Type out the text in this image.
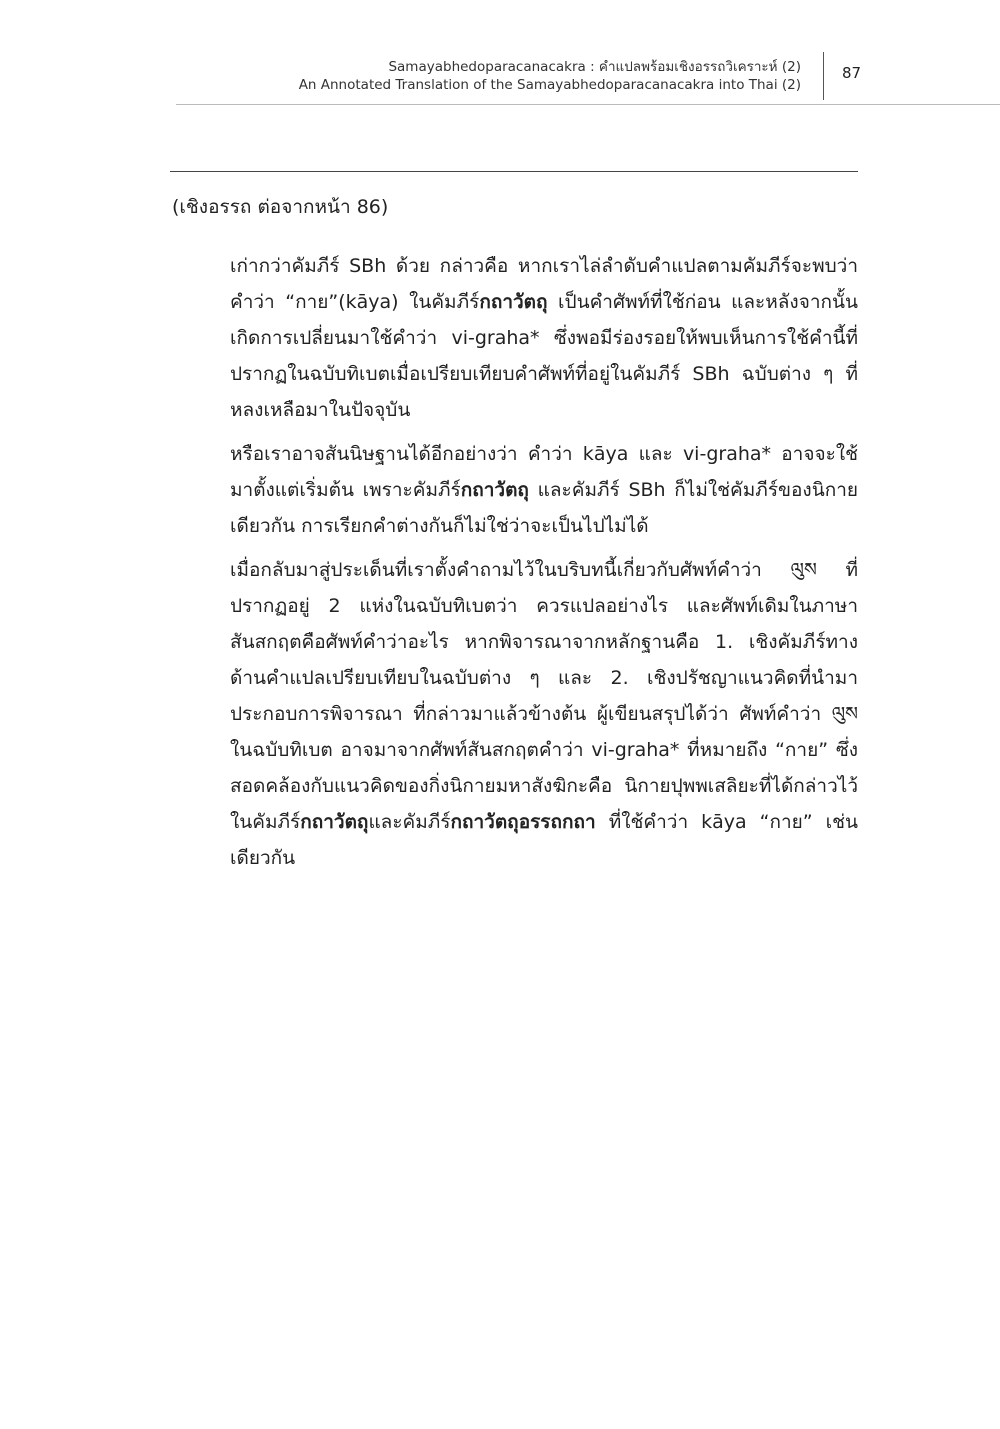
Samayabhedoparacanacakra : คำแปลพร้อมเชิงอรรถวิเคราะห์ (2)
An Annotated Translation of the Samayabhedoparacanacakra into Thai (2)
87
(เชิงอรรถ ต่อจากหน้า 86)

เก่ากว่าคัมภีร์ SBh ด้วย กล่าวคือ หากเราไล่ลำดับคำแปลตามคัมภีร์จะพบว่า คำว่า “กาย”(kāya) ในคัมภีร์กถาวัตถุ เป็นคำศัพท์ที่ใช้ก่อน และหลังจากนั้นเกิดการเปลี่ยนมาใช้คำว่า vi-graha* ซึ่งพอมีร่องรอยให้พบเห็นการใช้คำนี้ที่ปรากฏในฉบับทิเบตเมื่อเปรียบเทียบคำศัพท์ที่อยู่ในคัมภีร์ SBh ฉบับต่าง ๆ ที่หลงเหลือมาในปัจจุบัน

หรือเราอาจสันนิษฐานได้อีกอย่างว่า คำว่า kāya และ vi-graha* อาจจะใช้มาตั้งแต่เริ่มต้น เพราะคัมภีร์กถาวัตถุ และคัมภีร์ SBh ก็ไม่ใช่คัมภีร์ของนิกายเดียวกัน การเรียกคำต่างกันก็ไม่ใช่ว่าจะเป็นไปไม่ได้

เมื่อกลับมาสู่ประเด็นที่เราตั้งคำถามไว้ในบริบทนี้เกี่ยวกับศัพท์คำว่า ལུས ที่ปรากฏอยู่ 2 แห่งในฉบับทิเบตว่า ควรแปลอย่างไร และศัพท์เดิมในภาษาสันสกฤตคือศัพท์คำว่าอะไร หากพิจารณาจากหลักฐานคือ 1. เชิงคัมภีร์ทางด้านคำแปลเปรียบเทียบในฉบับต่าง ๆ และ 2. เชิงปรัชญาแนวคิดที่นำมาประกอบการพิจารณา ที่กล่าวมาแล้วข้างต้น ผู้เขียนสรุปได้ว่า ศัพท์คำว่า ལུས ในฉบับทิเบต อาจมาจากศัพท์สันสกฤตคำว่า vi-graha* ที่หมายถึง “กาย” ซึ่งสอดคล้องกับแนวคิดของกิ่งนิกายมหาสังฆิกะคือ นิกายปุพพเสลิยะที่ได้กล่าวไว้ในคัมภีร์กถาวัตถุและคัมภีร์กถาวัตถุอรรถกถา ที่ใช้คำว่า kāya “กาย” เช่นเดียวกัน
